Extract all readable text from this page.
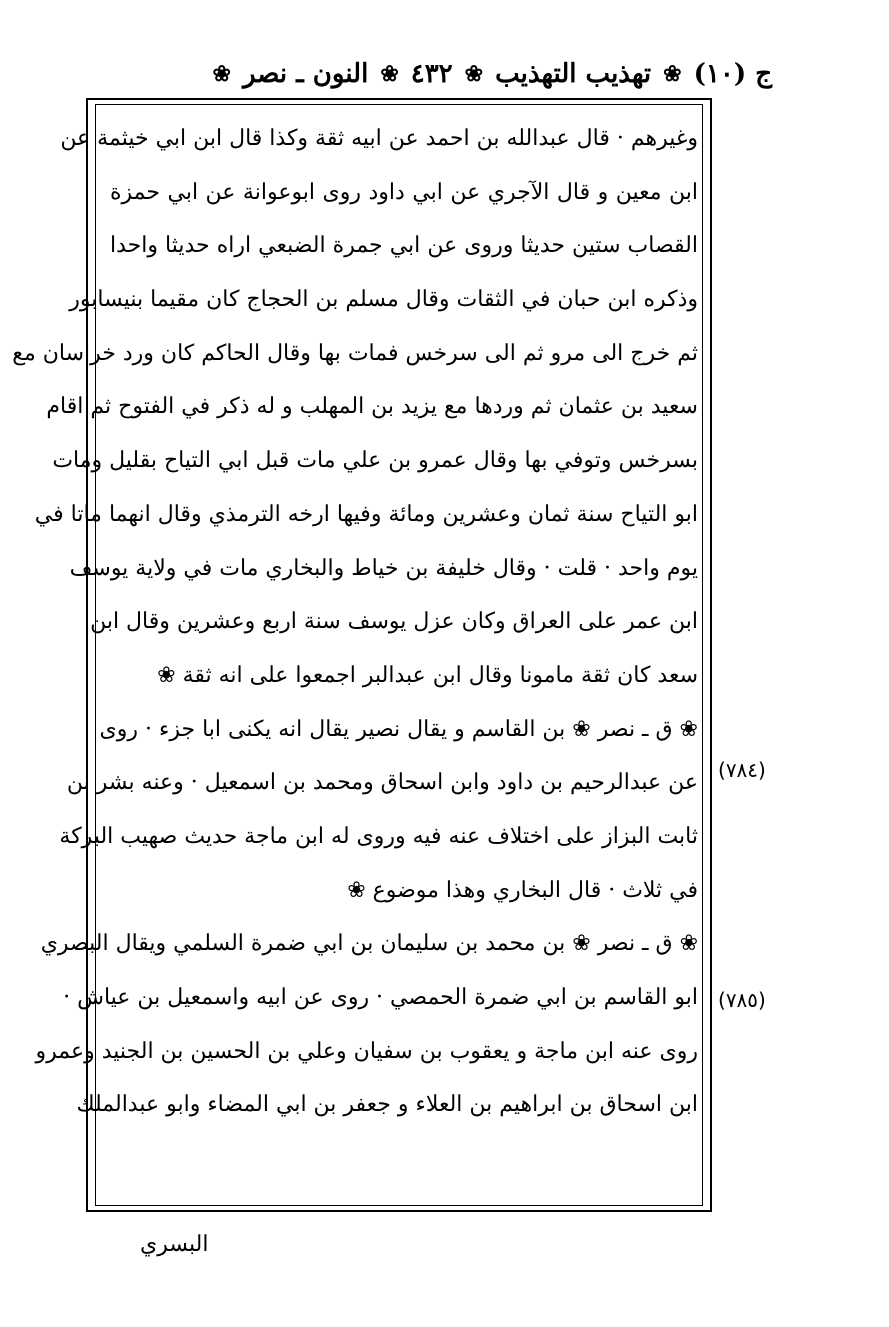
ج (١٠)
❀
تهذيب التهذيب
❀
٤٣٢
❀
النون ـ نصر
❀
وغيرهم · قال عبدالله بن احمد عن ابيه ثقة وكذا قال ابن ابي خيثمة عن
ابن معين و قال الآجري عن ابي داود روى ابوعوانة عن ابي حمزة
القصاب ستين حديثا وروى عن ابي جمرة الضبعي اراه حديثا واحدا
وذكره ابن حبان في الثقات وقال مسلم بن الحجاج كان مقيما بنيسابور
ثم خرج الى مرو ثم الى سرخس فمات بها وقال الحاكم كان ورد خراسان مع
سعيد بن عثمان ثم وردها مع يزيد بن المهلب و له ذكر في الفتوح ثم اقام
بسرخس وتوفي بها وقال عمرو بن علي مات قبل ابي التياح بقليل ومات
ابو التياح سنة ثمان وعشرين ومائة وفيها ارخه الترمذي وقال انهما ماتا في
يوم واحد · قلت · وقال خليفة بن خياط والبخاري مات في ولاية يوسف
ابن عمر على العراق وكان عزل يوسف سنة اربع وعشرين وقال ابن
سعد كان ثقة مامونا وقال ابن عبدالبر اجمعوا على انه ثقة ❀
❀ ق ـ نصر ❀ بن القاسم و يقال نصير يقال انه يكنى ابا جزء · روى
عن عبدالرحيم بن داود وابن اسحاق ومحمد بن اسمعيل · وعنه بشر بن
ثابت البزاز على اختلاف عنه فيه وروى له ابن ماجة حديث صهيب البركة
في ثلاث · قال البخاري وهذا موضوع ❀
❀ ق ـ نصر ❀ بن محمد بن سليمان بن ابي ضمرة السلمي ويقال البصري
ابو القاسم بن ابي ضمرة الحمصي · روى عن ابيه واسمعيل بن عياش ·
روى عنه ابن ماجة و يعقوب بن سفيان وعلي بن الحسين بن الجنيد وعمرو
ابن اسحاق بن ابراهيم بن العلاء و جعفر بن ابي المضاء وابو عبدالملك
(٧٨٤)
(٧٨٥)
البسري
